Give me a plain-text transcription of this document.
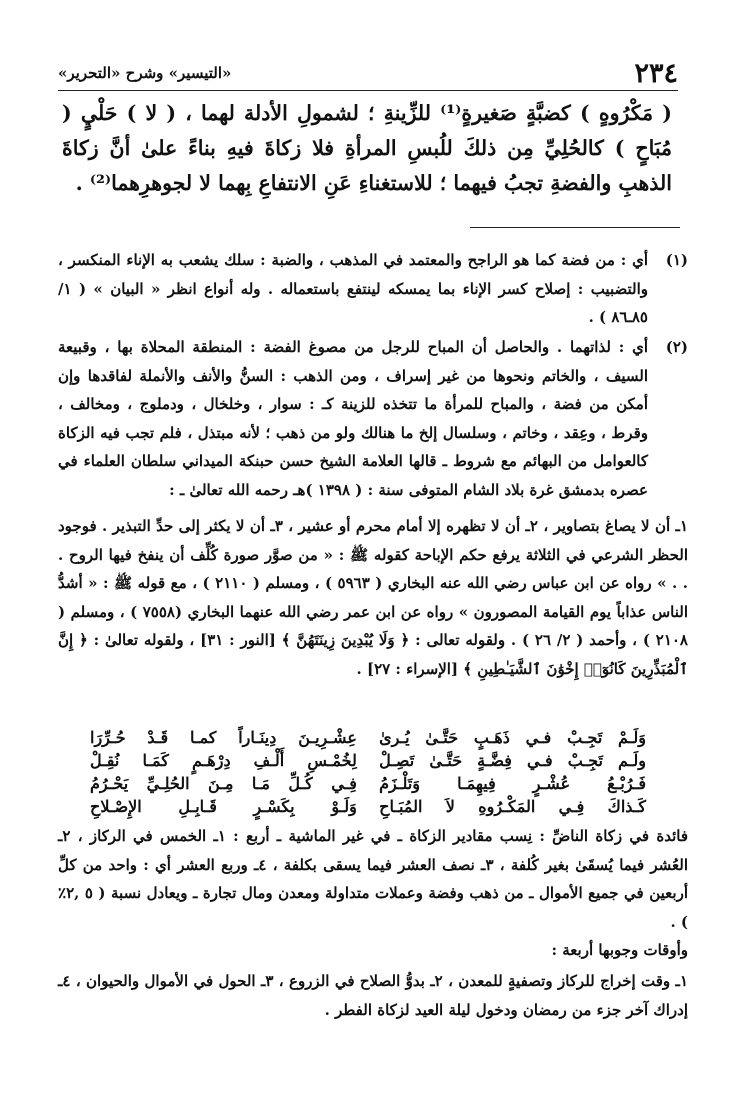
٢٣٤
«التيسير» وشرح «التحرير»
( مَكْرُوهٍ ) كضبَّةٍ صَغيرةٍ⁽¹⁾ للزِّينةِ ؛ لشمولِ الأدلة لهما ، ( لا ) حَلْيٍ ( مُبَاحٍ ) كالحُلِيِّ مِن ذلكَ للُبسِ المرأةِ فلا زكاةَ فيهِ بناءً علىٰ أنَّ زكاةَ الذهبِ والفضةِ تجبُ فيهما ؛ للاستغناءِ عَنِ الانتفاعِ بِهما لا لجوهرِهما⁽²⁾ .
(١)
أي : من فضة كما هو الراجح والمعتمد في المذهب ، والضبة : سلك يشعب به الإناء المنكسر ، والتضبيب : إصلاح كسر الإناء بما يمسكه لينتفع باستعماله . وله أنواع انظر « البيان » ( ١/ ٨٥ـ٨٦ ) .
(٢)
أي : لذاتهما . والحاصل أن المباح للرجل من مصوغ الفضة : المنطقة المحلاة بها ، وقبيعة السيف ، والخاتم ونحوها من غير إسراف ، ومن الذهب : السنُّ والأنف والأنملة لفاقدها وإن أمكن من فضة ، والمباح للمرأة ما تتخذه للزينة كـ : سوار ، وخلخال ، ودملوج ، ومخالف ، وقرط ، وعِقد ، وخاتم ، وسلسال إلخ ما هنالك ولو من ذهب ؛ لأنه مبتذل ، فلم تجب فيه الزكاة كالعوامل من البهائم مع شروط ـ قالها العلامة الشيخ حسن حبنكة الميداني سلطان العلماء في عصره بدمشق غرة بلاد الشام المتوفى سنة : ( ١٣٩٨ )هـ رحمه الله تعالىٰ ـ :
١ـ أن لا يصاغ بتصاوير ، ٢ـ أن لا تظهره إلا أمام محرم أو عشير ، ٣ـ أن لا يكثر إلى حدِّ التبذير . فوجود الحظر الشرعي في الثلاثة يرفع حكم الإباحة كقوله ﷺ : « من صوَّر صورة كُلِّف أن ينفخ فيها الروح . . . » رواه عن ابن عباس رضي الله عنه البخاري ( ٥٩٦٣ ) ، ومسلم ( ٢١١٠ ) ، مع قوله ﷺ : « أشدُّ الناس عذاباً يوم القيامة المصورون » رواه عن ابن عمر رضي الله عنهما البخاري (٧٥٥٨ ) ، ومسلم ( ٢١٠٨ ) ، وأحمد ( ٢/ ٢٦ ) . ولقوله تعالى : ﴿ وَلَا يُبْدِينَ زِينَتَهُنَّ ﴾ [النور : ٣١] ، ولقوله تعالىٰ : ﴿ إِنَّ ٱلْمُبَذِّرِينَ كَانُوٓا۟ إِخْوَٰنَ ٱلشَّيَـٰطِينِ ﴾ [الإسراء : ٢٧] .
وَلَـمْ تَجِـبْ فـي ذَهَـبٍ حَتَّـىٰ يُـرىٰ
عِشْـرِيـنَ دِينَـاراً كمـا قَـدْ حُـرِّرَا
ولَـم تَجِـبْ فـي فِضَّـةٍ حَتَّـىٰ تَصِـلْ
لِخُمْـسِ أَلْـفِ دِرْهَـمٍ كَمَـا نُقِـلْ
فَـرُبْـعُ عُشْـرٍ فِيهِمَـا وَتَلْـزَمُ
فِـي كُـلِّ مَـا مِـنَ الحُلِـيِّ يَحْـرُمُ
كَـذاكَ فِـي المَكْـرُوهِ لاَ المُبَـاحِ
وَلَـوْ بِكَسْـرٍ قَـابِـلِ الإِصْـلاحِ
فائدة في زكاة الناضِّ : نِسب مقادير الزكاة ـ في غير الماشية ـ أربع : ١ـ الخمس في الركاز ، ٢ـ العُشر فيما يُسقَىٰ بغير كُلفة ، ٣ـ نصف العشر فيما يسقى بكلفة ، ٤ـ وربع العشر أي : واحد من كلِّ أربعين في جميع الأموال ـ من ذهب وفضة وعملات متداولة ومعدن ومال تجارة ـ ويعادل نسبة ( ٥ ,٢٪ ) .
وأوقات وجوبها أربعة :
١ـ وقت إخراج للركاز وتصفيةٍ للمعدن ، ٢ـ بدوُّ الصلاح في الزروع ، ٣ـ الحول في الأموال والحيوان ، ٤ـ إدراك آخر جزء من رمضان ودخول ليلة العيد لزكاة الفطر .
